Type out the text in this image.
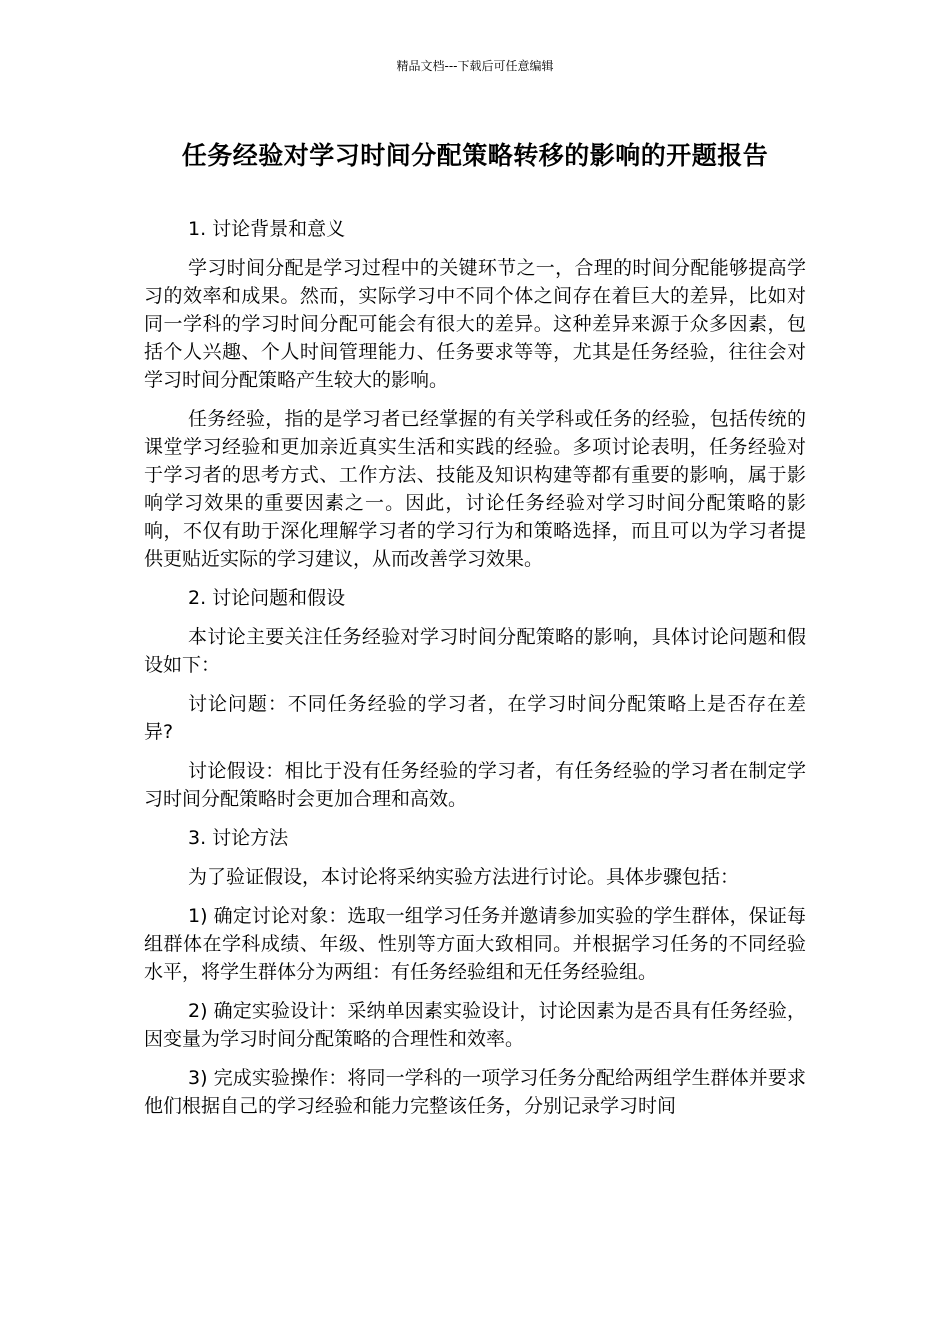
精品文档---下载后可任意编辑
任务经验对学习时间分配策略转移的影响的开题报告

1. 讨论背景和意义

学习时间分配是学习过程中的关键环节之一，合理的时间分配能够提高学习的效率和成果。然而，实际学习中不同个体之间存在着巨大的差异，比如对同一学科的学习时间分配可能会有很大的差异。这种差异来源于众多因素，包括个人兴趣、个人时间管理能力、任务要求等等，尤其是任务经验，往往会对学习时间分配策略产生较大的影响。

任务经验，指的是学习者已经掌握的有关学科或任务的经验，包括传统的课堂学习经验和更加亲近真实生活和实践的经验。多项讨论表明，任务经验对于学习者的思考方式、工作方法、技能及知识构建等都有重要的影响，属于影响学习效果的重要因素之一。因此，讨论任务经验对学习时间分配策略的影响，不仅有助于深化理解学习者的学习行为和策略选择，而且可以为学习者提供更贴近实际的学习建议，从而改善学习效果。

2. 讨论问题和假设

本讨论主要关注任务经验对学习时间分配策略的影响，具体讨论问题和假设如下：

讨论问题：不同任务经验的学习者，在学习时间分配策略上是否存在差异?

讨论假设：相比于没有任务经验的学习者，有任务经验的学习者在制定学习时间分配策略时会更加合理和高效。

3. 讨论方法

为了验证假设，本讨论将采纳实验方法进行讨论。具体步骤包括：

1) 确定讨论对象：选取一组学习任务并邀请参加实验的学生群体，保证每组群体在学科成绩、年级、性别等方面大致相同。并根据学习任务的不同经验水平，将学生群体分为两组：有任务经验组和无任务经验组。

2) 确定实验设计：采纳单因素实验设计，讨论因素为是否具有任务经验，因变量为学习时间分配策略的合理性和效率。

3) 完成实验操作：将同一学科的一项学习任务分配给两组学生群体并要求他们根据自己的学习经验和能力完整该任务，分别记录学习时间
